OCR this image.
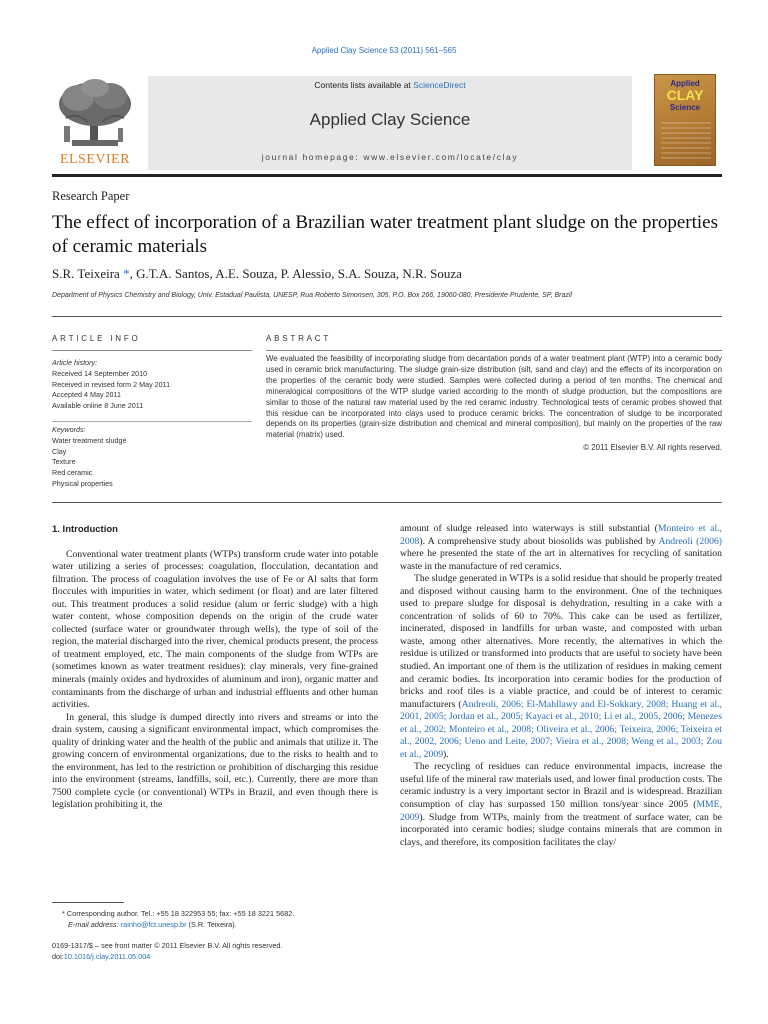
Applied Clay Science 53 (2011) 561–565
ELSEVIER
Contents lists available at ScienceDirect
Applied Clay Science
journal homepage: www.elsevier.com/locate/clay
Applied
CLAY
Science
Research Paper
The effect of incorporation of a Brazilian water treatment plant sludge on the properties of ceramic materials
S.R. Teixeira *, G.T.A. Santos, A.E. Souza, P. Alessio, S.A. Souza, N.R. Souza
Department of Physics Chemistry and Biology, Univ. Estadual Paulista, UNESP, Rua Roberto Simonsen, 305, P.O. Box 266, 19060-080, Presidente Prudente, SP, Brazil
ARTICLE INFO	ABSTRACT
Article history:
Received 14 September 2010
Received in revised form 2 May 2011
Accepted 4 May 2011
Available online 8 June 2011
Keywords:
Water treatment sludge
Clay
Texture
Red ceramic
Physical properties
We evaluated the feasibility of incorporating sludge from decantation ponds of a water treatment plant (WTP) into a ceramic body used in ceramic brick manufacturing. The sludge grain-size distribution (silt, sand and clay) and the effects of its incorporation on the properties of the ceramic body were studied. Samples were collected during a period of ten months. The chemical and mineralogical compositions of the WTP sludge varied according to the month of sludge production, but the compositions are similar to those of the natural raw material used by the red ceramic industry. Technological tests of ceramic probes showed that this residue can be incorporated into clays used to produce ceramic bricks. The concentration of sludge to be incorporated depends on its properties (grain-size distribution and chemical and mineral composition), but mainly on the properties of the raw material (matrix) used.
© 2011 Elsevier B.V. All rights reserved.
1. Introduction

Conventional water treatment plants (WTPs) transform crude water into potable water utilizing a series of processes: coagulation, flocculation, decantation and filtration. The process of coagulation involves the use of Fe or Al salts that form floccules with impurities in water, which sediment (or float) and are later filtered out. This treatment produces a solid residue (alum or ferric sludge) with a high water content, whose composition depends on the origin of the crude water collected (surface water or groundwater through wells), the type of soil of the region, the material discharged into the river, chemical products present, the process of treatment employed, etc. The main components of the sludge from WTPs are (sometimes known as water treatment residues): clay minerals, very fine-grained minerals (mainly oxides and hydroxides of aluminum and iron), organic matter and contaminants from the discharge of urban and industrial effluents and other human activities.

In general, this sludge is dumped directly into rivers and streams or into the drain system, causing a significant environmental impact, which compromises the quality of drinking water and the health of the public and animals that utilize it. The growing concern of environmental organizations, due to the risks to health and to the environment, has led to the restriction or prohibition of discharging this residue into the environment (streams, landfills, soil, etc.). Currently, there are more than 7500 complete cycle (or conventional) WTPs in Brazil, and even though there is legislation prohibiting it, the

amount of sludge released into waterways is still substantial (Monteiro et al., 2008). A comprehensive study about biosolids was published by Andreoli (2006) where he presented the state of the art in alternatives for recycling of sanitation waste in the manufacture of red ceramics.

The sludge generated in WTPs is a solid residue that should be properly treated and disposed without causing harm to the environment. One of the techniques used to prepare sludge for disposal is dehydration, resulting in a cake with a concentration of solids of 60 to 70%. This cake can be used as fertilizer, incinerated, disposed in landfills for urban waste, and composted with urban waste, among other alternatives. More recently, the alternatives in which the residue is utilized or transformed into products that are useful to society have been studied. An important one of them is the utilization of residues in making cement and ceramic bodies. Its incorporation into ceramic bodies for the production of bricks and roof tiles is a viable practice, and could be of interest to ceramic manufacturers (Andreoli, 2006; El-Mahllawy and El-Sokkary, 2008; Huang et al., 2001, 2005; Jordan et al., 2005; Kayaci et al., 2010; Li et al., 2005, 2006; Menezes et al., 2002; Monteiro et al., 2008; Oliveira et al., 2006; Teixeira, 2006; Teixeira et al., 2002, 2006; Ueno and Leite, 2007; Vieira et al., 2008; Weng et al., 2003; Zou et al., 2009).

The recycling of residues can reduce environmental impacts, increase the useful life of the mineral raw materials used, and lower final production costs. The ceramic industry is a very important sector in Brazil and is widespread. Brazilian consumption of clay has surpassed 150 million tons/year since 2005 (MME, 2009). Sludge from WTPs, mainly from the treatment of surface water, can be incorporated into ceramic bodies; sludge contains minerals that are common in clays, and therefore, its composition facilitates the clay/

* Corresponding author. Tel.: +55 18 322953 55; fax: +55 18 3221 5682.
E-mail address: rainho@fct.unesp.br (S.R. Teixeira).
0169-1317/$ – see front matter © 2011 Elsevier B.V. All rights reserved.
doi:10.1016/j.clay.2011.05.004
